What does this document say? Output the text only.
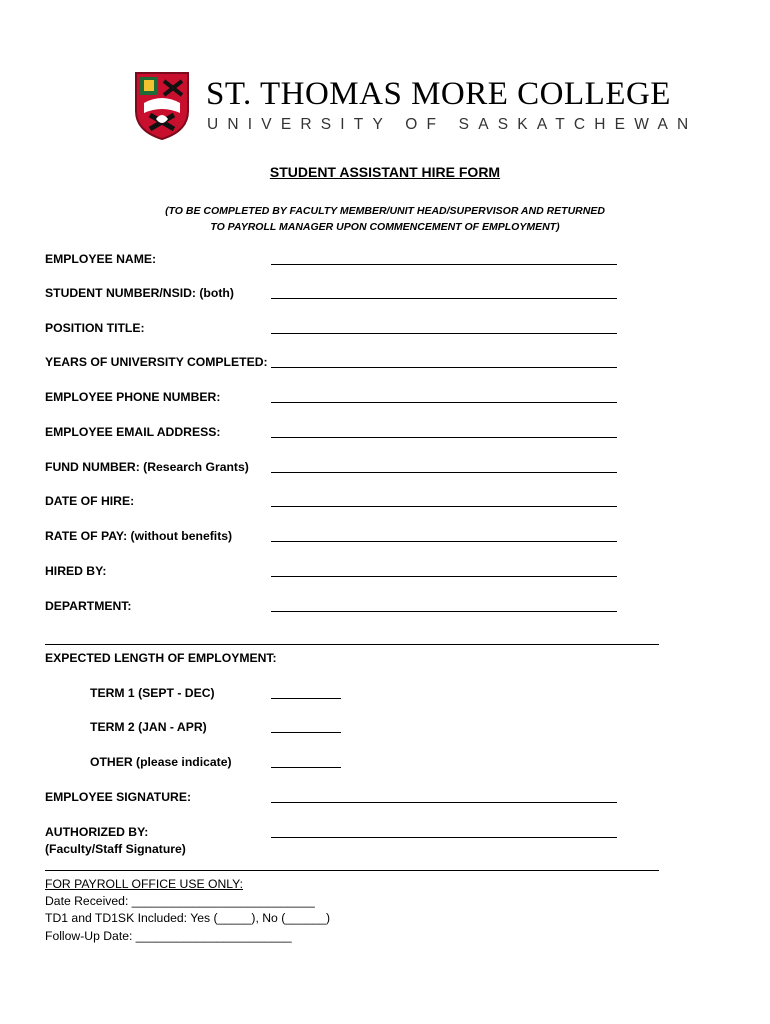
ST. THOMAS MORE COLLEGE
UNIVERSITY OF SASKATCHEWAN
STUDENT ASSISTANT HIRE FORM
(TO BE COMPLETED BY FACULTY MEMBER/UNIT HEAD/SUPERVISOR AND RETURNED
TO PAYROLL MANAGER UPON COMMENCEMENT OF EMPLOYMENT)
EMPLOYEE NAME:
STUDENT NUMBER/NSID: (both)
POSITION TITLE:
YEARS OF UNIVERSITY COMPLETED:
EMPLOYEE PHONE NUMBER:
EMPLOYEE EMAIL ADDRESS:
FUND NUMBER: (Research Grants)
DATE OF HIRE:
RATE OF PAY: (without benefits)
HIRED BY:
DEPARTMENT:
EXPECTED LENGTH OF EMPLOYMENT:
TERM 1 (SEPT - DEC)
TERM 2 (JAN - APR)
OTHER (please indicate)
EMPLOYEE SIGNATURE:
AUTHORIZED BY:
(Faculty/Staff Signature)
FOR PAYROLL OFFICE USE ONLY:
Date Received: ___________________________
TD1 and TD1SK Included: Yes (_____), No (______)
Follow-Up Date: _______________________
